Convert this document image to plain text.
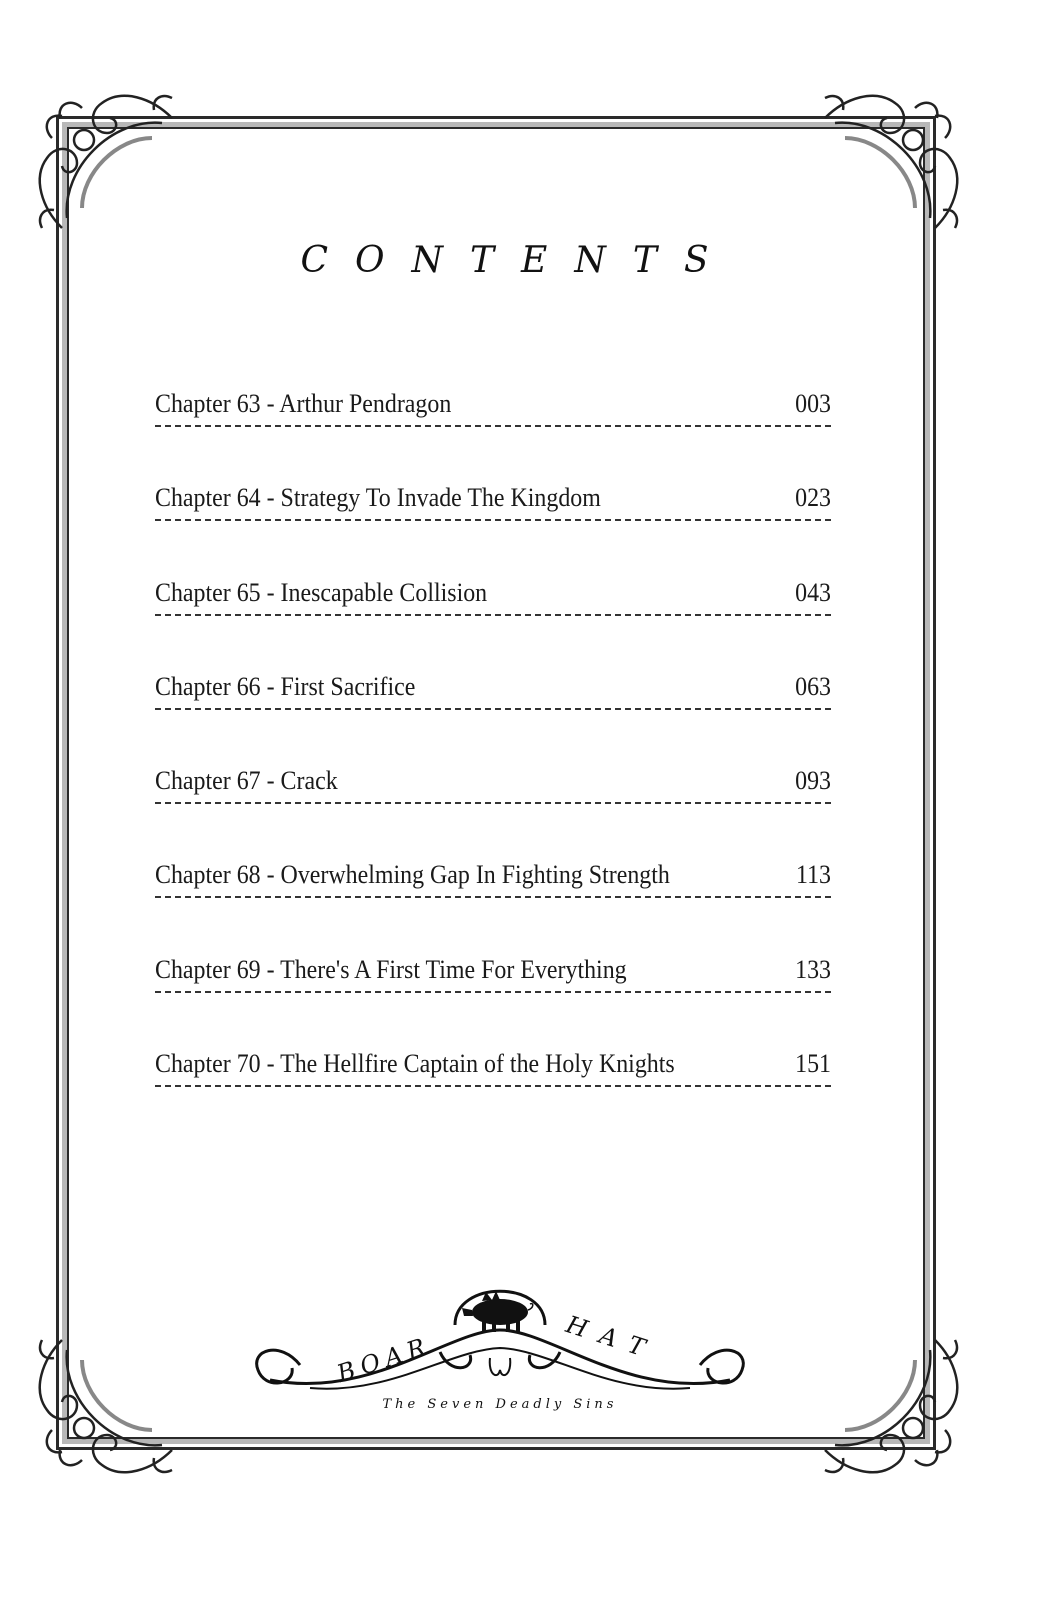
CONTENTS
Chapter 63 - Arthur Pendragon	003
Chapter 64 - Strategy To Invade The Kingdom	023
Chapter 65 - Inescapable Collision	043
Chapter 66 - First Sacrifice	063
Chapter 67 - Crack	093
Chapter 68 - Overwhelming Gap In Fighting Strength	113
Chapter 69 - There's A First Time For Everything	133
Chapter 70 - The Hellfire Captain of the Holy Knights	151
BOAR	HAT
The Seven Deadly Sins
